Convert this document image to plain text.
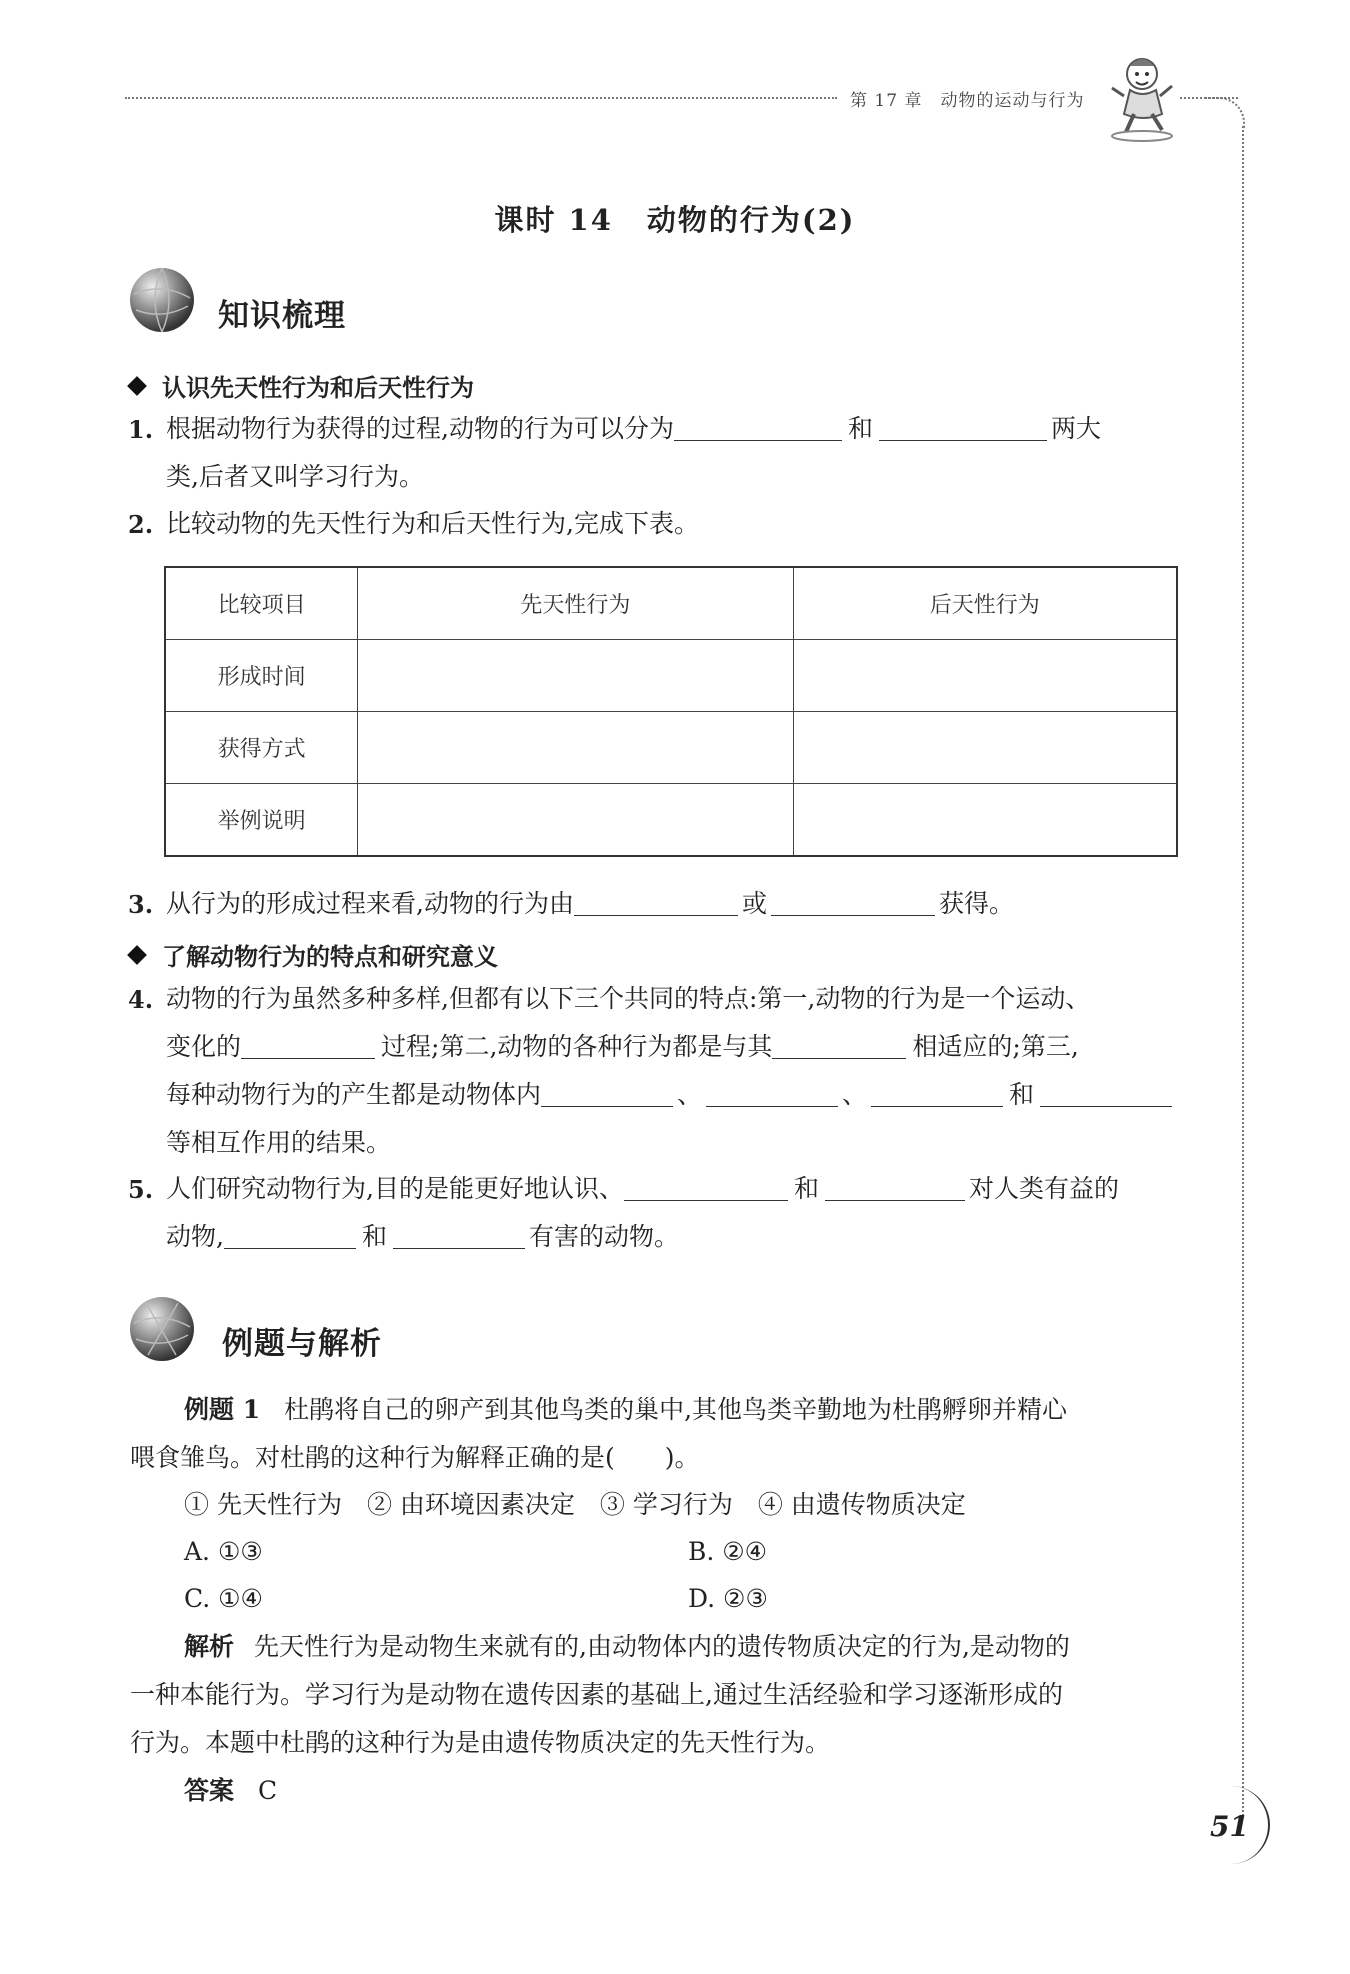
第 17 章 动物的运动与行为
课时 14 动物的行为(2)
知识梳理
认识先天性行为和后天性行为
1. 根据动物行为获得的过程,动物的行为可以分为	和	两大
类,后者又叫学习行为。
2. 比较动物的先天性行为和后天性行为,完成下表。
比较项目	先天性行为	后天性行为
形成时间		
获得方式		
举例说明		
3. 从行为的形成过程来看,动物的行为由	或	获得。
了解动物行为的特点和研究意义
4. 动物的行为虽然多种多样,但都有以下三个共同的特点:第一,动物的行为是一个运动、
变化的	过程;第二,动物的各种行为都是与其	相适应的;第三,
每种动物行为的产生都是动物体内	、	、	和
等相互作用的结果。
5. 人们研究动物行为,目的是能更好地认识、	和	对人类有益的
动物,	和	有害的动物。
例题与解析
例题 1 杜鹃将自己的卵产到其他鸟类的巢中,其他鸟类辛勤地为杜鹃孵卵并精心
喂食雏鸟。对杜鹃的这种行为解释正确的是(　　)。
① 先天性行为　② 由环境因素决定　③ 学习行为　④ 由遗传物质决定
A. ①③	B. ②④
C. ①④	D. ②③
解析 先天性行为是动物生来就有的,由动物体内的遗传物质决定的行为,是动物的
一种本能行为。学习行为是动物在遗传因素的基础上,通过生活经验和学习逐渐形成的
行为。本题中杜鹃的这种行为是由遗传物质决定的先天性行为。
答案 C
51
